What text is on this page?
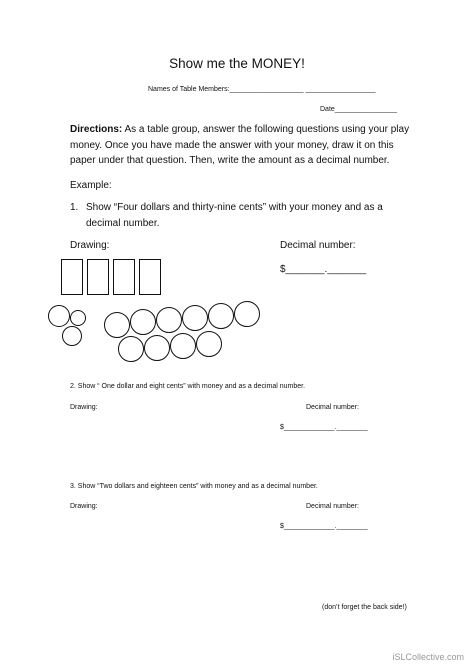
Show me the MONEY!
Names of Table Members:___________________ __________________
Date________________
Directions: As a table group, answer the following questions using your play money. Once you have made the answer with your money, draw it on this paper under that question. Then, write the amount as a decimal number.
Example:
1. Show “Four dollars and thirty-nine cents” with your money and as a decimal number.
Drawing:	Decimal number:
$_______._______
2. Show “ One dollar and eight cents” with money and as a decimal number.
Drawing:	Decimal number:
$_____________.________
3. Show “Two dollars and eighteen cents” with money and as a decimal number.
Drawing:	Decimal number:
$_____________.________
(don’t forget the back side!)
iSLCollective.com
